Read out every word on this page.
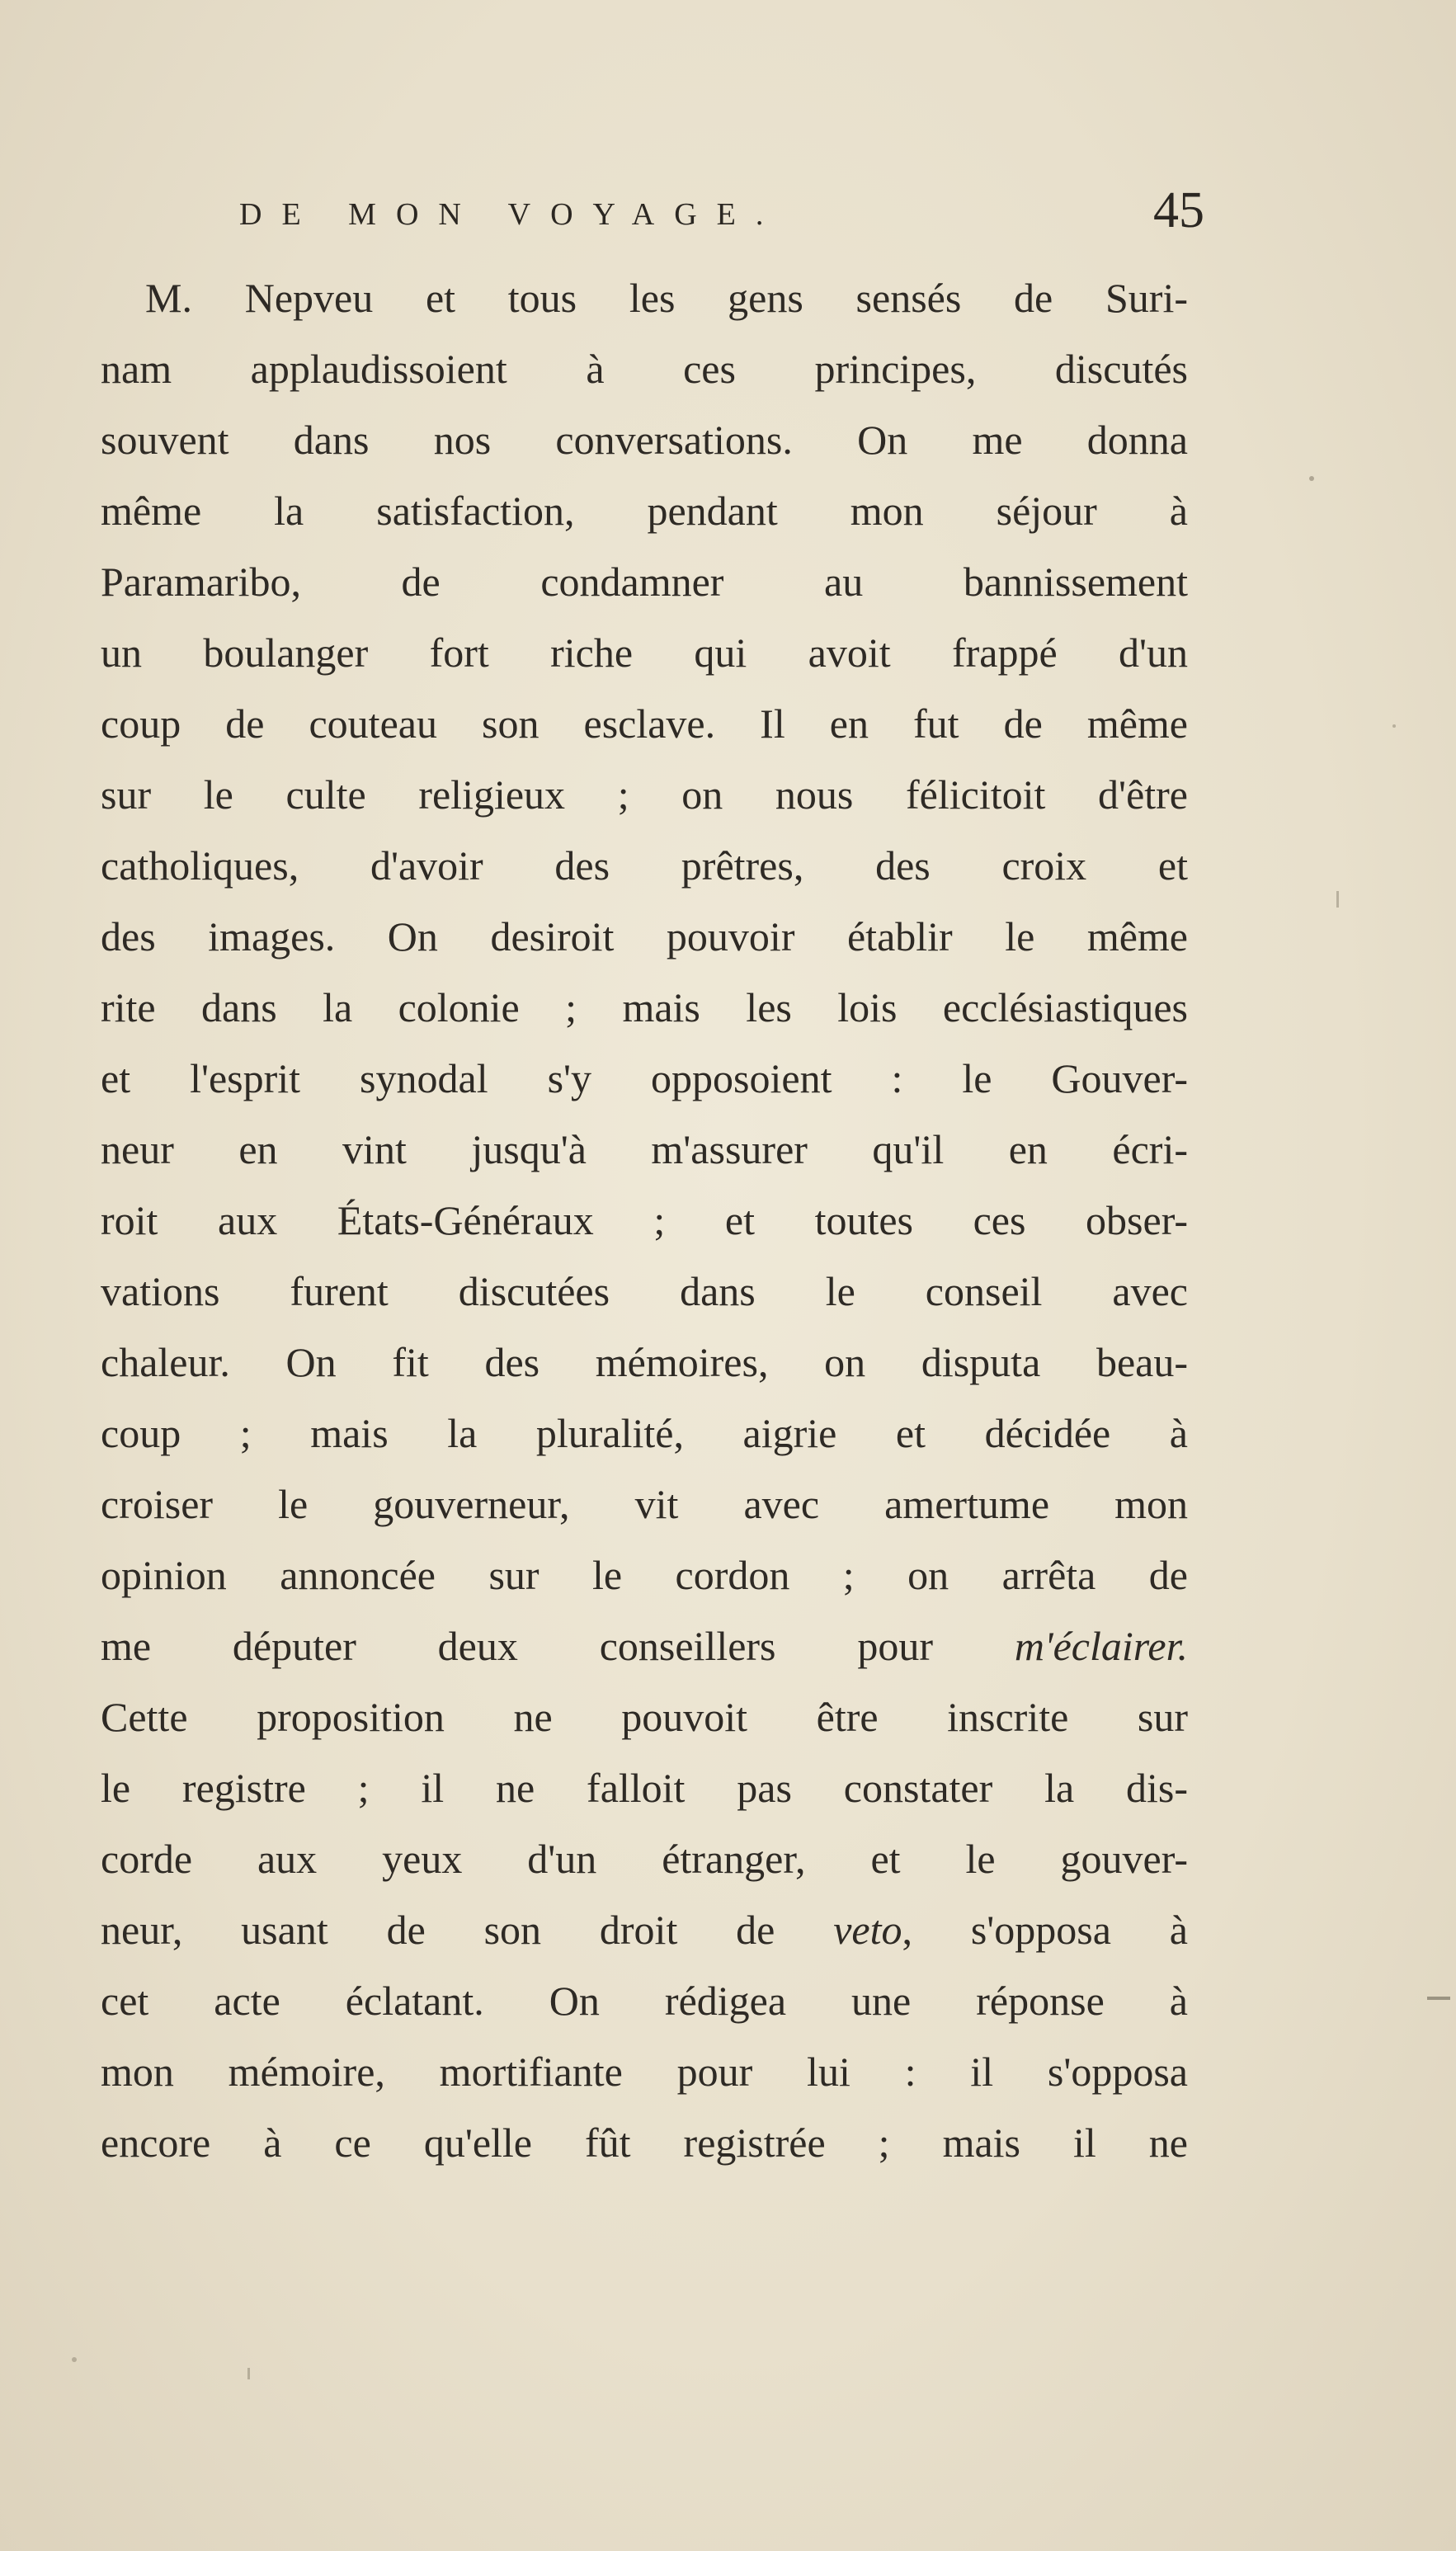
DE MON VOYAGE.	45
M. Nepveu et tous les gens sensés de Suri-
nam applaudissoient à ces principes, discutés
souvent dans nos conversations. On me donna
même la satisfaction, pendant mon séjour à
Paramaribo, de condamner au bannissement
un boulanger fort riche qui avoit frappé d'un
coup de couteau son esclave. Il en fut de même
sur le culte religieux ; on nous félicitoit d'être
catholiques, d'avoir des prêtres, des croix et
des images. On desiroit pouvoir établir le même
rite dans la colonie ; mais les lois ecclésiastiques
et l'esprit synodal s'y opposoient : le Gouver-
neur en vint jusqu'à m'assurer qu'il en écri-
roit aux États-Généraux ; et toutes ces obser-
vations furent discutées dans le conseil avec
chaleur. On fit des mémoires, on disputa beau-
coup ; mais la pluralité, aigrie et décidée à
croiser le gouverneur, vit avec amertume mon
opinion annoncée sur le cordon ; on arrêta de
me députer deux conseillers pour m'éclairer.
Cette proposition ne pouvoit être inscrite sur
le registre ; il ne falloit pas constater la dis-
corde aux yeux d'un étranger, et le gouver-
neur, usant de son droit de veto, s'opposa à
cet acte éclatant. On rédigea une réponse à
mon mémoire, mortifiante pour lui : il s'opposa
encore à ce qu'elle fût registrée ; mais il ne
